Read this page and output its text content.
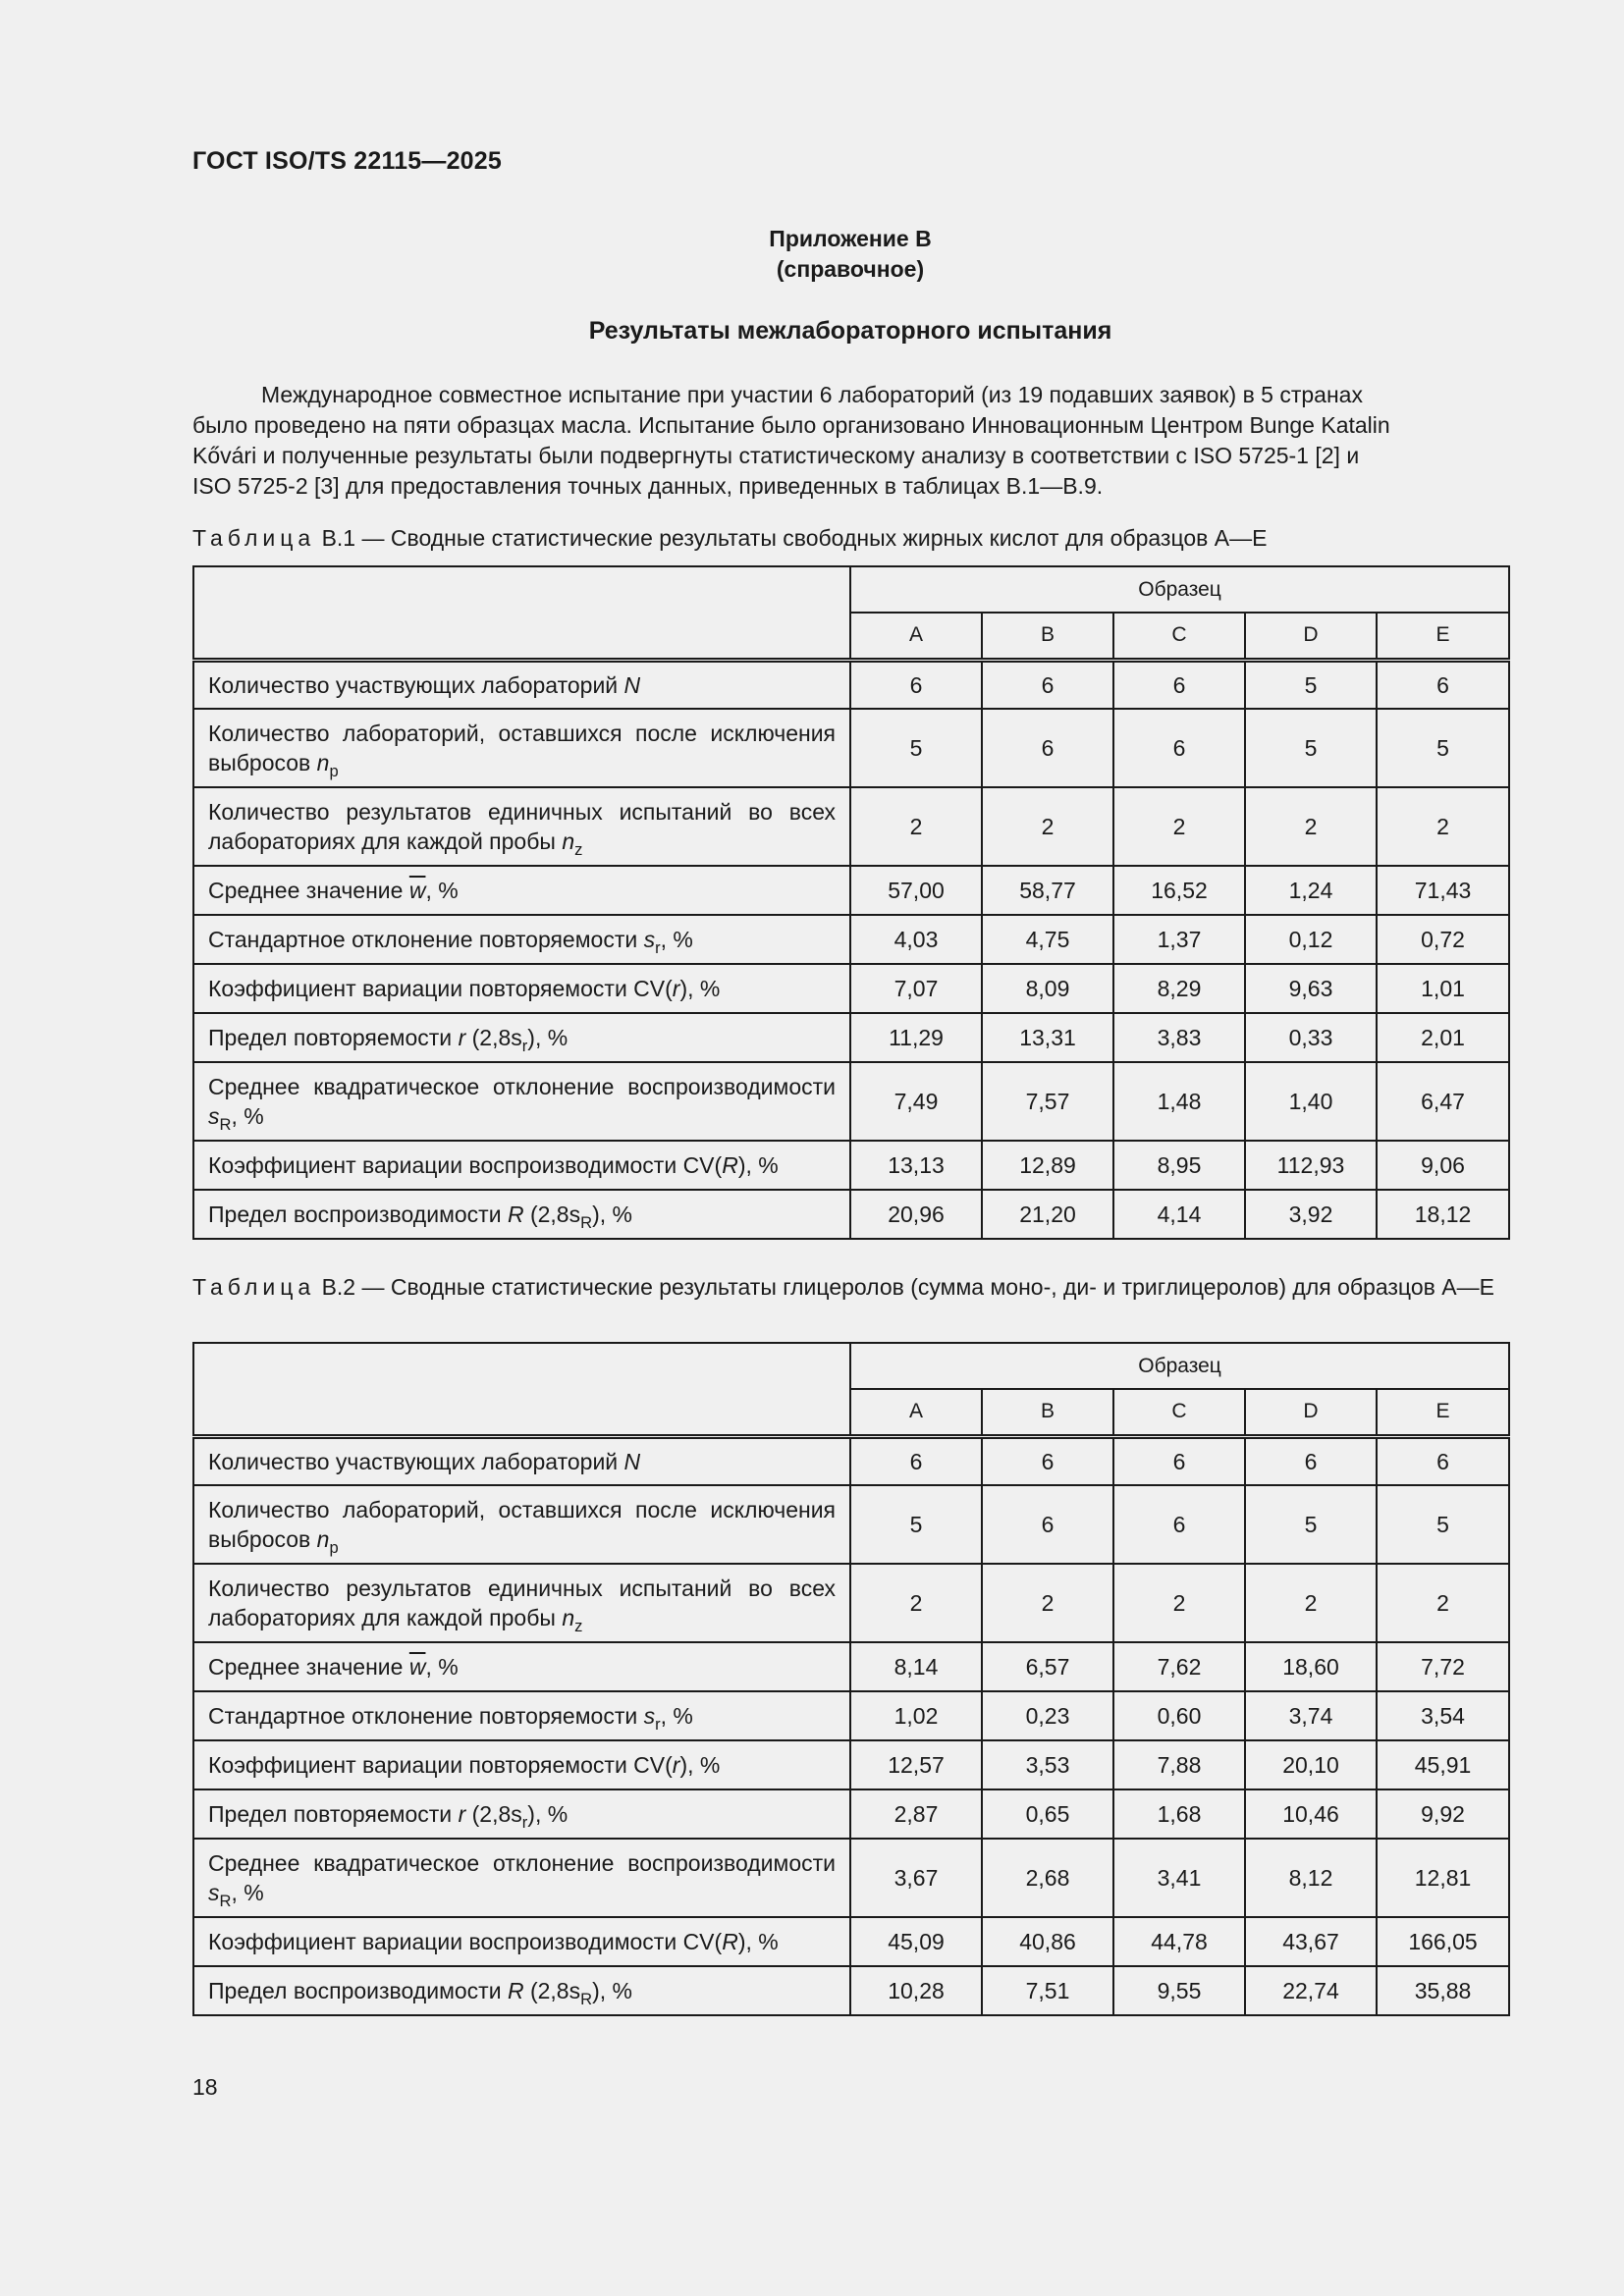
ГОСТ ISO/TS 22115—2025
Приложение В
(справочное)
Результаты межлабораторного испытания

Международное совместное испытание при участии 6 лабораторий (из 19 подавших заявок) в 5 странах
было проведено на пяти образцах масла. Испытание было организовано Инновационным Центром Bunge Katalin
Kővári и полученные результаты были подвергнуты статистическому анализу в соответствии с ISO 5725-1 [2] и
ISO 5725-2 [3] для предоставления точных данных, приведенных в таблицах В.1—В.9.

Таблица В.1 — Сводные статистические результаты свободных жирных кислот для образцов А—Е

	Образец				
	A	B	C	D	E
Количество участвующих лабораторий N	6	6	6	5	6
Количество лабораторий, оставшихся после исключения выбросов $n_p$	5	6	6	5	5
Количество результатов единичных испытаний во всех лабораториях для каждой пробы $n_z$	2	2	2	2	2
Среднее значение $\overline{w}$, %	57,00	58,77	16,52	1,24	71,43
Стандартное отклонение повторяемости $s_r$, %	4,03	4,75	1,37	0,12	0,72
Коэффициент вариации повторяемости CV(r), %	7,07	8,09	8,29	9,63	1,01
Предел повторяемости r $(2,8s_r)$, %	11,29	13,31	3,83	0,33	2,01
Среднее квадратическое отклонение воспроизводимости $s_R$, %	7,49	7,57	1,48	1,40	6,47
Коэффициент вариации воспроизводимости CV(R), %	13,13	12,89	8,95	112,93	9,06
Предел воспроизводимости R $(2,8s_R)$, %	20,96	21,20	4,14	3,92	18,12

Таблица В.2 — Сводные статистические результаты глицеролов (сумма моно-, ди- и триглицеролов) для образцов А—Е

	Образец				
	A	B	C	D	E
Количество участвующих лабораторий N	6	6	6	6	6
Количество лабораторий, оставшихся после исключения выбросов $n_p$	5	6	6	5	5
Количество результатов единичных испытаний во всех лабораториях для каждой пробы $n_z$	2	2	2	2	2
Среднее значение $\overline{w}$, %	8,14	6,57	7,62	18,60	7,72
Стандартное отклонение повторяемости $s_r$, %	1,02	0,23	0,60	3,74	3,54
Коэффициент вариации повторяемости CV(r), %	12,57	3,53	7,88	20,10	45,91
Предел повторяемости r $(2,8s_r)$, %	2,87	0,65	1,68	10,46	9,92
Среднее квадратическое отклонение воспроизводимости $s_R$, %	3,67	2,68	3,41	8,12	12,81
Коэффициент вариации воспроизводимости CV(R), %	45,09	40,86	44,78	43,67	166,05
Предел воспроизводимости R $(2,8s_R)$, %	10,28	7,51	9,55	22,74	35,88
18
